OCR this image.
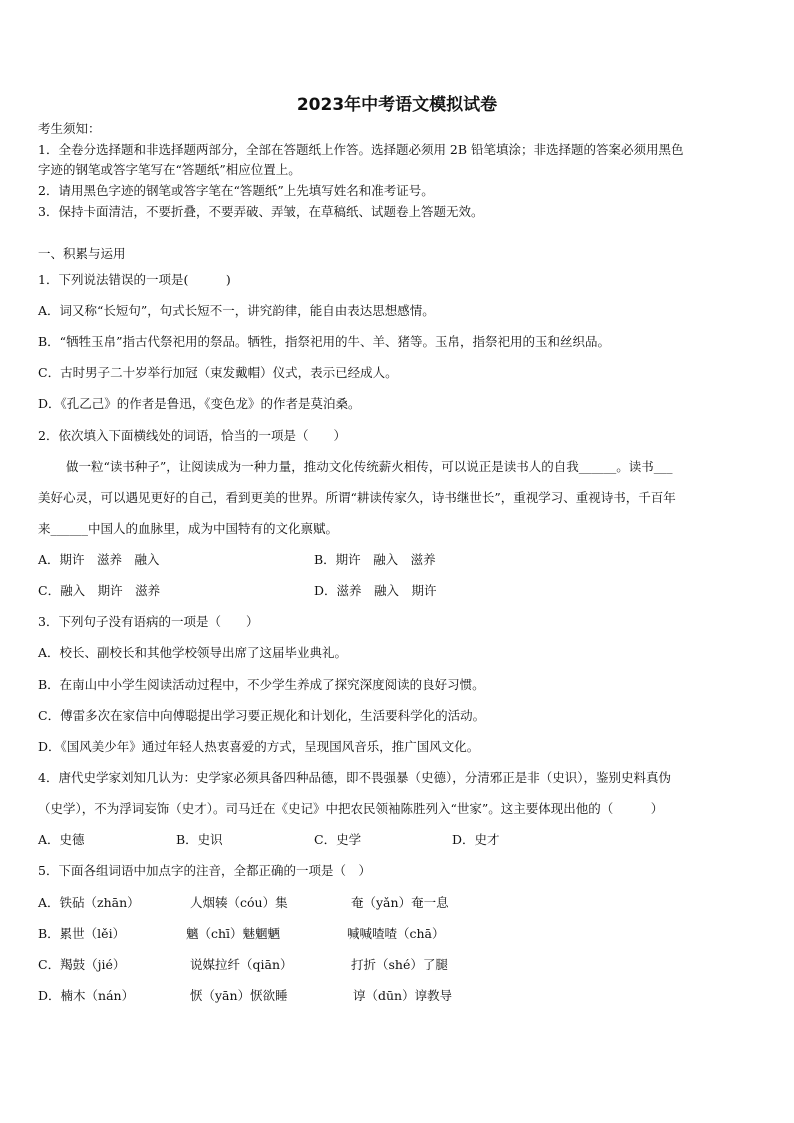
2023年中考语文模拟试卷
考生须知：
1．全卷分选择题和非选择题两部分，全部在答题纸上作答。选择题必须用 2B 铅笔填涂；非选择题的答案必须用黑色
字迹的钢笔或答字笔写在“答题纸”相应位置上。
2．请用黑色字迹的钢笔或答字笔在“答题纸”上先填写姓名和准考证号。
3．保持卡面清洁，不要折叠，不要弄破、弄皱，在草稿纸、试题卷上答题无效。
一、积累与运用
1．下列说法错误的一项是(　　　)
A．词又称“长短句”，句式长短不一，讲究韵律，能自由表达思想感情。
B．“牺牲玉帛”指古代祭祀用的祭品。牺牲，指祭祀用的牛、羊、猪等。玉帛，指祭祀用的玉和丝织品。
C．古时男子二十岁举行加冠（束发戴帽）仪式，表示已经成人。
D．《孔乙己》的作者是鲁迅，《变色龙》的作者是莫泊桑。
2．依次填入下面横线处的词语，恰当的一项是（　　）
做一粒“读书种子”，让阅读成为一种力量，推动文化传统薪火相传，可以说正是读书人的自我______。读书___
美好心灵，可以遇见更好的自己，看到更美的世界。所谓“耕读传家久，诗书继世长”，重视学习、重视诗书，千百年
来______中国人的血脉里，成为中国特有的文化禀赋。
A．期许　滋养　融入	B．期许　融入　滋养
C．融入　期许　滋养	D．滋养　融入　期许
3．下列句子没有语病的一项是（　　）
A．校长、副校长和其他学校领导出席了这届毕业典礼。
B．在南山中小学生阅读活动过程中，不少学生养成了探究深度阅读的良好习惯。
C．傅雷多次在家信中向傅聪提出学习要正规化和计划化，生活要科学化的活动。
D．《国风美少年》通过年轻人热衷喜爱的方式，呈现国风音乐，推广国风文化。
4．唐代史学家刘知几认为：史学家必须具备四种品德，即不畏强暴（史德），分清邪正是非（史识），鉴别史料真伪
（史学），不为浮词妄饰（史才）。司马迁在《史记》中把农民领袖陈胜列入“世家”。这主要体现出他的（　　　）
A．史德	B．史识	C．史学	D．史才
5．下面各组词语中加点字的注音，全都正确的一项是（　）
A．铁砧（zhān）	人烟辏（cóu）集	奄（yǎn）奄一息
B．累世（lěi）	魑（chī）魅魍魉	喊喊喳喳（chā）
C．羯鼓（jié）	说媒拉纤（qiān）	打折（shé）了腿
D．楠木（nán）	恹（yān）恹欲睡	谆（dūn）谆教导
